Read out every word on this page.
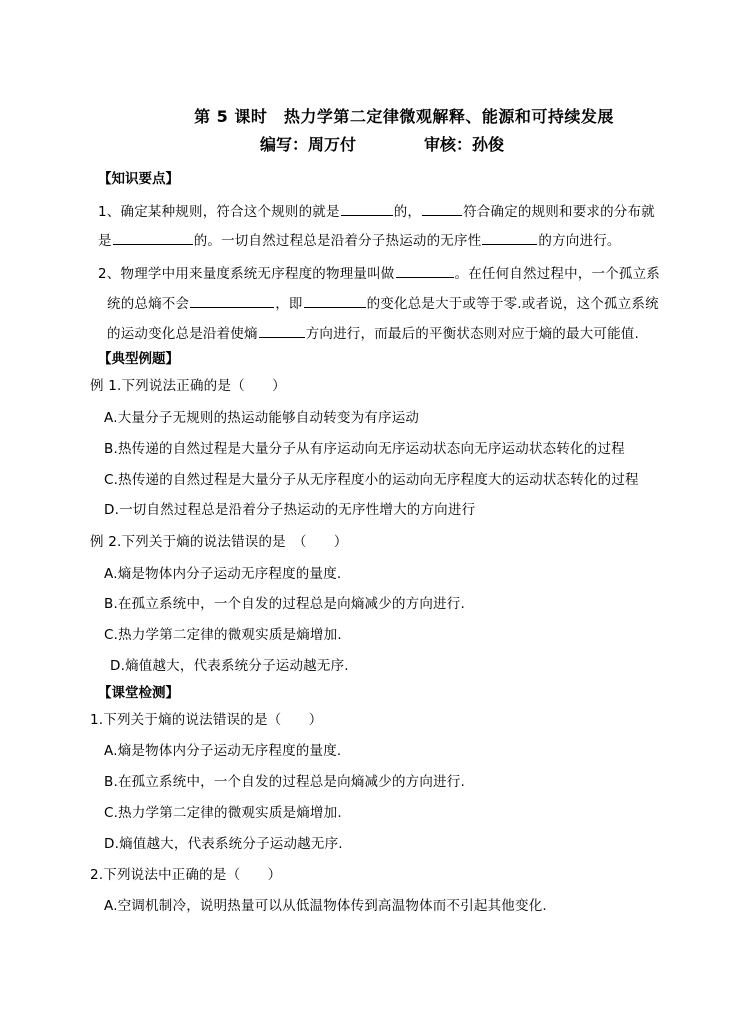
第 5 课时　热力学第二定律微观解释、能源和可持续发展
编写：周万付	审核：孙俊
【知识要点】
1、确定某种规则，符合这个规则的就是	的，	符合确定的规则和要求的分布就
是	的。一切自然过程总是沿着分子热运动的无序性	的方向进行。
2、物理学中用来量度系统无序程度的物理量叫做	。在任何自然过程中，一个孤立系
统的总熵不会	，即	的变化总是大于或等于零.或者说，这个孤立系统
的运动变化总是沿着使熵	方向进行，而最后的平衡状态则对应于熵的最大可能值.
【典型例题】
例 1.下列说法正确的是（　　）
A.大量分子无规则的热运动能够自动转变为有序运动
B.热传递的自然过程是大量分子从有序运动向无序运动状态向无序运动状态转化的过程
C.热传递的自然过程是大量分子从无序程度小的运动向无序程度大的运动状态转化的过程
D.一切自然过程总是沿着分子热运动的无序性增大的方向进行
例 2.下列关于熵的说法错误的是　（　　）
A.熵是物体内分子运动无序程度的量度.
B.在孤立系统中，一个自发的过程总是向熵减少的方向进行.
C.热力学第二定律的微观实质是熵增加.
D.熵值越大，代表系统分子运动越无序.
【课堂检测】
1.下列关于熵的说法错误的是（　　）
A.熵是物体内分子运动无序程度的量度.
B.在孤立系统中，一个自发的过程总是向熵减少的方向进行.
C.热力学第二定律的微观实质是熵增加.
D.熵值越大，代表系统分子运动越无序.
2.下列说法中正确的是（　　）
A.空调机制冷，说明热量可以从低温物体传到高温物体而不引起其他变化.
